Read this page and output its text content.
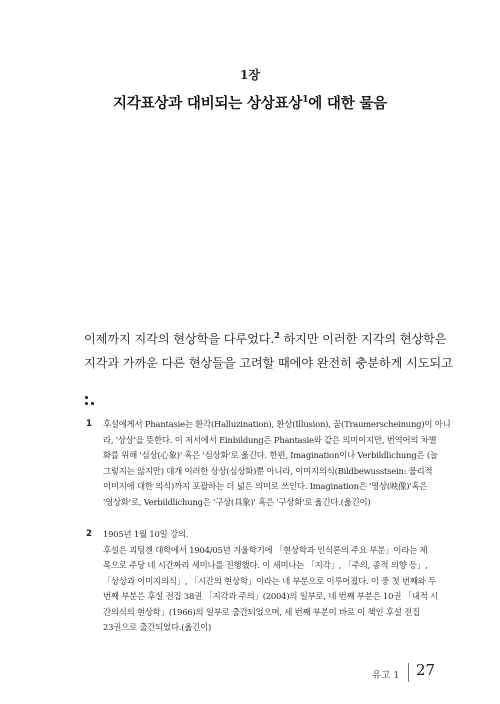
1장
지각표상과 대비되는 상상표상$^1$에 대한 물음
이제까지 지각의 현상학을 다루었다.$^2$ 하지만 이러한 지각의 현상학은
지각과 가까운 다른 현상들을 고려할 때에야 완전히 충분하게 시도되고
1 후설에게서 Phantasie는 환각(Halluzination), 환상(Illusion), 꿈(Traumerscheinung)이 아니
라, '상상'을 뜻한다. 이 저서에서 Einbildung은 Phantasie와 같은 의미이지만, 번역어의 차별
화를 위해 '심상(心象)' 혹은 '심상화'로 옮긴다. 한편, Imagination이나 Verbildlichung은 (늘
그렇지는 않지만) 대개 이러한 상상(심상화)뿐 아니라, 이미지의식(Bildbewusstsein: 물리적
이미지에 대한 의식)까지 포괄하는 더 넓은 의미로 쓰인다. Imagination은 '영상(映像)'혹은
'영상화'로, Verbildlichung은 '구상(具象)' 혹은 '구상화'로 옮긴다.(옮긴이)
2 1905년 1월 10일 강의.
후설은 괴팅겐 대학에서 1904/05년 겨울학기에 「현상학과 인식론의 주요 부분」이라는 제
목으로 주당 네 시간짜리 세미나를 진행했다. 이 세미나는 「지각」, 「주의, 종적 의향 등」,
「상상과 이미지의식」, 「시간의 현상학」이라는 네 부분으로 이루어졌다. 이 중 첫 번째와 두
번째 부분은 후설 전집 38권 「지각과 주의」(2004)의 일부로, 네 번째 부분은 10권 「내적 시
간의식의 현상학」(1966)의 일부로 출간되었으며, 세 번째 부분이 바로 이 책인 후설 전집
23권으로 출간되었다.(옮긴이)
유고 1 27
